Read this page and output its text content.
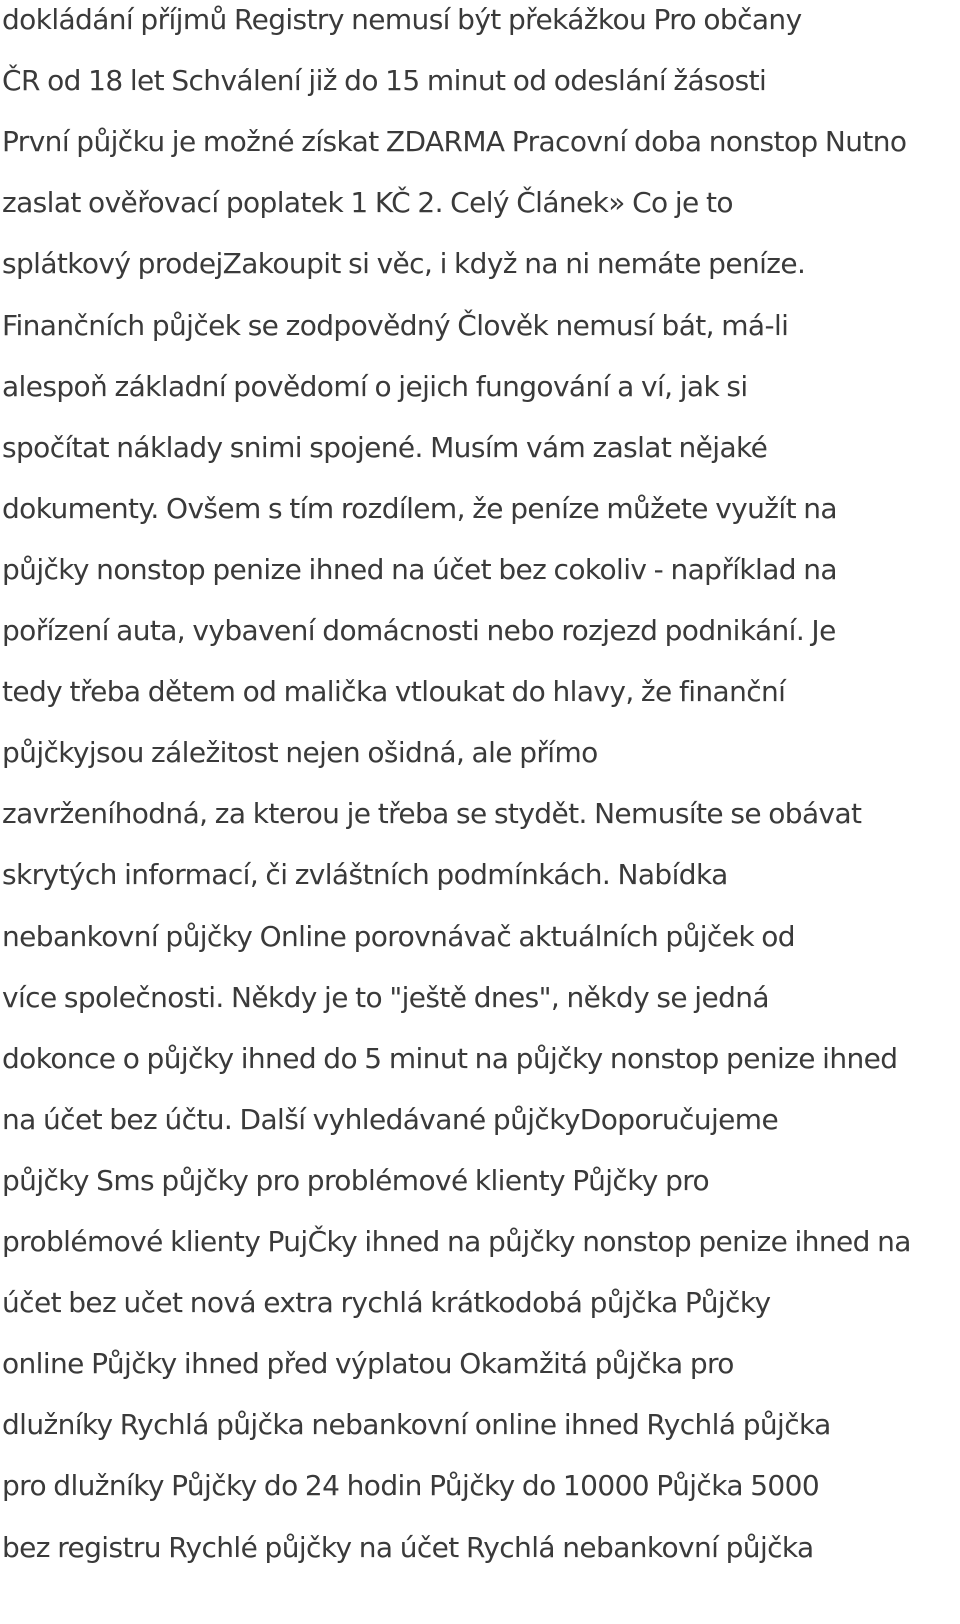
dokládání příjmů Registry nemusí být překážkou Pro občany

ČR od 18 let Schválení již do 15 minut od odeslání žásosti

První půjčku je možné získat ZDARMA Pracovní doba nonstop Nutno

zaslat ověřovací poplatek 1 KČ 2. Celý Článek» Co je to

splátkový prodejZakoupit si věc, i když na ni nemáte peníze.

Finančních půjček se zodpovědný Člověk nemusí bát, má-li

alespoň základní povědomí o jejich fungování a ví, jak si

spočítat náklady snimi spojené. Musím vám zaslat nějaké

dokumenty. Ovšem s tím rozdílem, že peníze můžete využít na

půjčky nonstop penize ihned na účet bez cokoliv - například na

pořízení auta, vybavení domácnosti nebo rozjezd podnikání. Je

tedy třeba dětem od malička vtloukat do hlavy, že finanční

půjčkyjsou záležitost nejen ošidná, ale přímo

zavrženíhodná, za kterou je třeba se stydět. Nemusíte se obávat

skrytých informací, či zvláštních podmínkách. Nabídka

nebankovní půjčky Online porovnávač aktuálních půjček od

více společnosti. Někdy je to "ještě dnes", někdy se jedná

dokonce o půjčky ihned do 5 minut na půjčky nonstop penize ihned

na účet bez účtu. Další vyhledávané půjčkyDoporučujeme

půjčky Sms půjčky pro problémové klienty Půjčky pro

problémové klienty PujČky ihned na půjčky nonstop penize ihned na

účet bez učet nová extra rychlá krátkodobá půjčka Půjčky

online Půjčky ihned před výplatou Okamžitá půjčka pro

dlužníky Rychlá půjčka nebankovní online ihned Rychlá půjčka

pro dlužníky Půjčky do 24 hodin Půjčky do 10000 Půjčka 5000

bez registru Rychlé půjčky na účet Rychlá nebankovní půjčka
